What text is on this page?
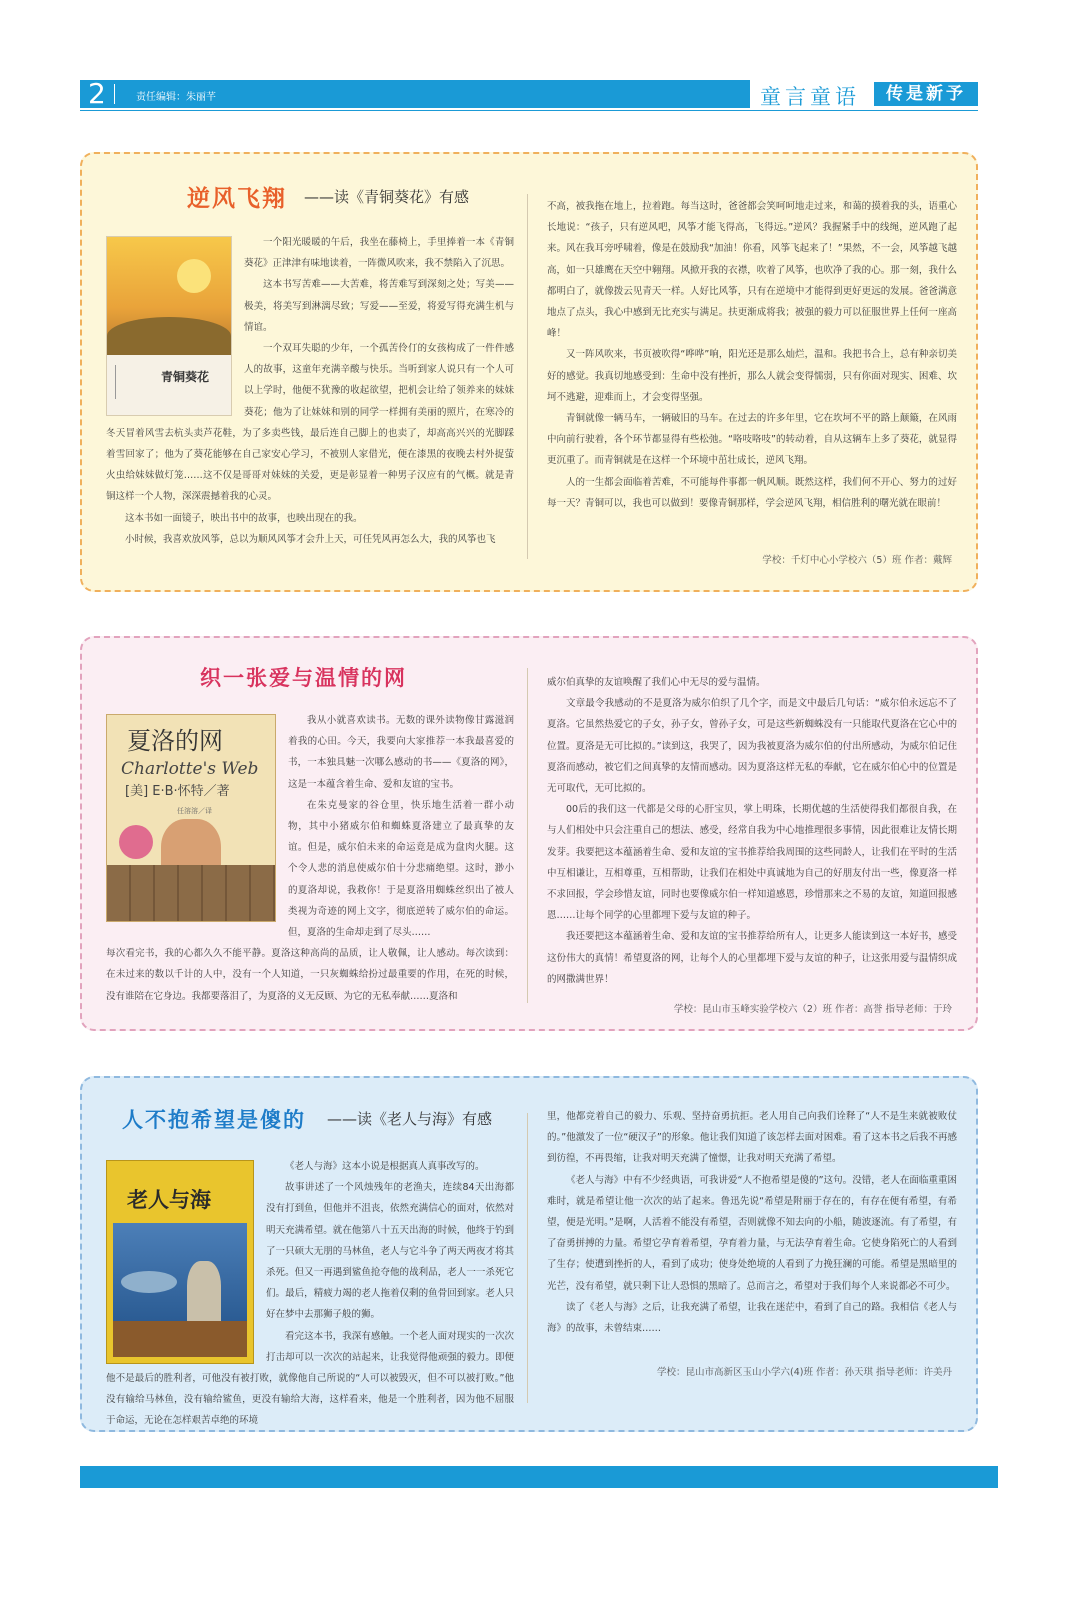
2	责任编辑：朱丽芊	童言童语	传是新予
逆风飞翔 ——读《青铜葵花》有感
青铜葵花

一个阳光暖暖的午后，我坐在藤椅上，手里捧着一本《青铜葵花》正津津有味地读着，一阵微风吹来，我不禁陷入了沉思。

这本书写苦难——大苦难，将苦难写到深刻之处；写美——极美，将美写到淋漓尽致；写爱——至爱，将爱写得充满生机与情谊。

一个双耳失聪的少年，一个孤苦伶仃的女孩构成了一件件感人的故事，这童年充满辛酸与快乐。当听到家人说只有一个人可以上学时，他便不犹豫的收起欲望，把机会让给了领养来的妹妹葵花；他为了让妹妹和别的同学一样拥有美丽的照片，在寒冷的冬天冒着风雪去杭头卖芦花鞋，为了多卖些钱，最后连自己脚上的也卖了，却高高兴兴的光脚踩着雪回家了；他为了葵花能够在自己家安心学习，不被别人家借光，便在漆黑的夜晚去村外捉萤火虫给妹妹做灯笼……这不仅是哥哥对妹妹的关爱，更是彰显着一种男子汉应有的气概。就是青铜这样一个人物，深深震撼着我的心灵。

这本书如一面镜子，映出书中的故事，也映出现在的我。

小时候，我喜欢放风筝，总以为顺风风筝才会升上天，可任凭风再怎么大，我的风筝也飞

不高，被我拖在地上，拉着跑。每当这时，爸爸都会笑呵呵地走过来，和蔼的摸着我的头，语重心长地说：“孩子，只有逆风吧，风筝才能飞得高，飞得远。”逆风？我握紧手中的线绳，逆风跑了起来。风在我耳旁呼啸着，像是在鼓励我“加油！你看，风筝飞起来了！”果然，不一会，风筝越飞越高，如一只雄鹰在天空中翱翔。风掀开我的衣襟，吹着了风筝，也吹净了我的心。那一刻，我什么都明白了，就像拨云见青天一样。人好比风筝，只有在逆境中才能得到更好更远的发展。爸爸满意地点了点头，我心中感到无比充实与满足。扶更渐成将我；被强的毅力可以征服世界上任何一座高峰！

又一阵风吹来，书页被吹得“哗哗”响，阳光还是那么灿烂，温和。我把书合上，总有种亲切美好的感觉。我真切地感受到：生命中没有挫折，那么人就会变得懦弱，只有你面对现实、困难、坎坷不逃避，迎难而上，才会变得坚强。

青铜就像一辆马车，一辆破旧的马车。在过去的许多年里，它在坎坷不平的路上颠簸，在风雨中向前行驶着，各个环节都显得有些松弛。“咯吱咯吱”的转动着，自从这辆车上多了葵花，就显得更沉重了。而青铜就是在这样一个环境中茁壮成长，逆风飞翔。

人的一生都会面临着苦难，不可能每件事都一帆风顺。既然这样，我们何不开心、努力的过好每一天？青铜可以，我也可以做到！要像青铜那样，学会逆风飞翔，相信胜利的曙光就在眼前！

学校：千灯中心小学校六（5）班 作者：戴辉
织一张爱与温情的网
夏洛的网
Charlotte's Web
[美] E·B·怀特／著
任溶溶／译

我从小就喜欢读书。无数的课外读物像甘露滋润着我的心田。今天，我要向大家推荐一本我最喜爱的书，一本独具魅一次哪么感动的书——《夏洛的网》，这是一本蕴含着生命、爱和友谊的宝书。

在朱克曼家的谷仓里，快乐地生活着一群小动物，其中小猪威尔伯和蜘蛛夏洛建立了最真挚的友谊。但是，威尔伯未来的命运竟是成为盘肉火腿。这个令人悲的消息使威尔伯十分悲痛绝望。这时，渺小的夏洛却说，我救你！于是夏洛用蜘蛛丝织出了被人类视为奇迹的网上文字，彻底逆转了威尔伯的命运。但，夏洛的生命却走到了尽头……

每次看完书，我的心都久久不能平静。夏洛这种高尚的品质，让人敬佩，让人感动。每次读到：在未过来的数以千计的人中，没有一个人知道，一只灰蜘蛛给扮过最重要的作用，在死的时候，没有谁陪在它身边。我都要落泪了，为夏洛的义无反顾、为它的无私奉献……夏洛和

威尔伯真挚的友谊唤醒了我们心中无尽的爱与温情。

文章最令我感动的不是夏洛为威尔伯织了几个字，而是文中最后几句话：“威尔伯永远忘不了夏洛。它虽然热爱它的子女，孙子女，曾孙子女，可是这些新蜘蛛没有一只能取代夏洛在它心中的位置。夏洛是无可比拟的。”读到这，我哭了，因为我被夏洛为威尔伯的付出所感动，为威尔伯记住夏洛而感动，被它们之间真挚的友情而感动。因为夏洛这样无私的奉献，它在威尔伯心中的位置是无可取代，无可比拟的。

00后的我们这一代都是父母的心肝宝贝，掌上明珠，长期优越的生活使得我们都很自我，在与人们相处中只会注重自己的想法、感受，经常自我为中心地推理很多事情，因此很难让友情长期发芽。我要把这本蕴涵着生命、爱和友谊的宝书推荐给我周围的这些同龄人，让我们在平时的生活中互相谦让，互相尊重，互相帮助，让我们在相处中真诚地为自己的好朋友付出一些，像夏洛一样不求回报，学会珍惜友谊，同时也要像威尔伯一样知道感恩，珍惜那来之不易的友谊，知道回报感恩……让每个同学的心里都埋下爱与友谊的种子。

我还要把这本蕴涵着生命、爱和友谊的宝书推荐给所有人，让更多人能读到这一本好书，感受这份伟大的真情！希望夏洛的网，让每个人的心里都埋下爱与友谊的种子，让这张用爱与温情织成的网撒满世界！

学校：昆山市玉峰实验学校六（2）班 作者：高誉 指导老师：于玲
人不抱希望是傻的 ——读《老人与海》有感
老人与海

《老人与海》这本小说是根据真人真事改写的。

故事讲述了一个风烛残年的老渔夫，连续84天出海都没有打到鱼，但他并不沮丧，依然充满信心的面对，依然对明天充满希望。就在他第八十五天出海的时候，他终于钓到了一只硕大无朋的马林鱼，老人与它斗争了两天两夜才将其杀死。但又一再遇到鲨鱼抢夺他的战利品，老人一一杀死它们。最后，精疲力竭的老人拖着仅剩的鱼骨回到家。老人只好在梦中去那狮子般的狮。

看完这本书，我深有感触。一个老人面对现实的一次次打击却可以一次次的站起来，让我觉得他顽强的毅力。即便他不是最后的胜利者，可他没有被打败，就像他自己所说的“人可以被毁灭，但不可以被打败。”他没有输给马林鱼，没有输给鲨鱼，更没有输给大海，这样看来，他是一个胜利者，因为他不屈服于命运，无论在怎样艰苦卓绝的环境

里，他都竞着自己的毅力、乐观、坚持奋勇抗拒。老人用自己向我们诠释了“人不是生来就被败仗的。”他激发了一位“硬汉子”的形象。他让我们知道了该怎样去面对困难。看了这本书之后我不再感到彷徨，不再畏缩，让我对明天充满了憧憬，让我对明天充满了希望。

《老人与海》中有不少经典语，可我讲爱“人不抱希望是傻的”这句。没错，老人在面临重重困难时，就是希望让他一次次的站了起来。鲁迅先说“希望是附丽于存在的，有存在便有希望，有希望，便是光明。”是啊，人活着不能没有希望，否则就像不知去向的小船，随波逐流。有了希望，有了奋勇拼搏的力量。希望它孕育着希望，孕育着力量，与无法孕育着生命。它使身陷死亡的人看到了生存；使遭到挫折的人，看到了成功；使身处绝境的人看到了力挽狂澜的可能。希望是黑暗里的光芒，没有希望，就只剩下让人恐惧的黑暗了。总而言之，希望对于我们每个人来说都必不可少。

读了《老人与海》之后，让我充满了希望，让我在迷茫中，看到了自己的路。我相信《老人与海》的故事，未曾结束……

学校：昆山市高新区玉山小学六(4)班 作者：孙天琪 指导老师：许美丹
